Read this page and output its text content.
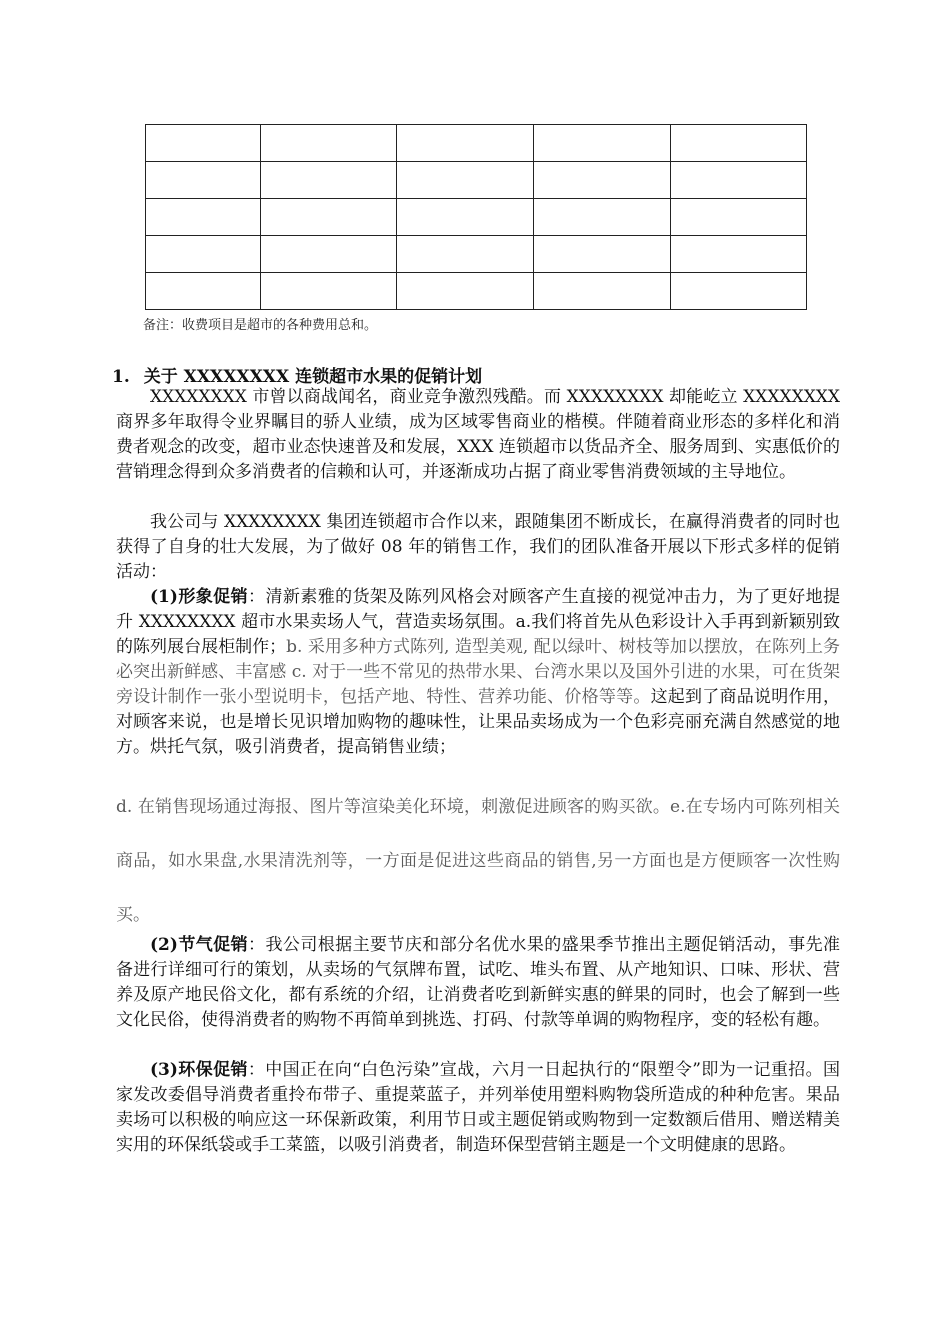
备注：收费项目是超市的各种费用总和。
1. 关于 XXXXXXXX 连锁超市水果的促销计划

XXXXXXXX 市曾以商战闻名，商业竞争激烈残酷。而 XXXXXXXX 却能屹立 XXXXXXXX 商界多年取得令业界瞩目的骄人业绩，成为区域零售商业的楷模。伴随着商业形态的多样化和消费者观念的改变，超市业态快速普及和发展，XXX 连锁超市以货品齐全、服务周到、实惠低价的营销理念得到众多消费者的信赖和认可，并逐渐成功占据了商业零售消费领域的主导地位。

我公司与 XXXXXXXX 集团连锁超市合作以来，跟随集团不断成长，在赢得消费者的同时也获得了自身的壮大发展，为了做好 08 年的销售工作，我们的团队准备开展以下形式多样的促销活动：

(1)形象促销：清新素雅的货架及陈列风格会对顾客产生直接的视觉冲击力，为了更好地提升 XXXXXXXX 超市水果卖场人气，营造卖场氛围。a.我们将首先从色彩设计入手再到新颖别致的陈列展台展柜制作；b. 采用多种方式陈列, 造型美观, 配以绿叶、树枝等加以摆放，在陈列上务必突出新鲜感、丰富感 c. 对于一些不常见的热带水果、台湾水果以及国外引进的水果，可在货架旁设计制作一张小型说明卡，包括产地、特性、营养功能、价格等等。这起到了商品说明作用，对顾客来说，也是增长见识增加购物的趣味性，让果品卖场成为一个色彩亮丽充满自然感觉的地方。烘托气氛，吸引消费者，提高销售业绩；

d. 在销售现场通过海报、图片等渲染美化环境，刺激促进顾客的购买欲。e.在专场内可陈列相关商品，如水果盘,水果清洗剂等，一方面是促进这些商品的销售,另一方面也是方便顾客一次性购买。

(2)节气促销：我公司根据主要节庆和部分名优水果的盛果季节推出主题促销活动，事先准备进行详细可行的策划，从卖场的气氛牌布置，试吃、堆头布置、从产地知识、口味、形状、营养及原产地民俗文化，都有系统的介绍，让消费者吃到新鲜实惠的鲜果的同时，也会了解到一些文化民俗，使得消费者的购物不再简单到挑选、打码、付款等单调的购物程序，变的轻松有趣。

(3)环保促销：中国正在向“白色污染”宣战，六月一日起执行的“限塑令”即为一记重招。国家发改委倡导消费者重拎布带子、重提菜蓝子，并列举使用塑料购物袋所造成的种种危害。果品卖场可以积极的响应这一环保新政策，利用节日或主题促销或购物到一定数额后借用、赠送精美实用的环保纸袋或手工菜篮，以吸引消费者，制造环保型营销主题是一个文明健康的思路。
